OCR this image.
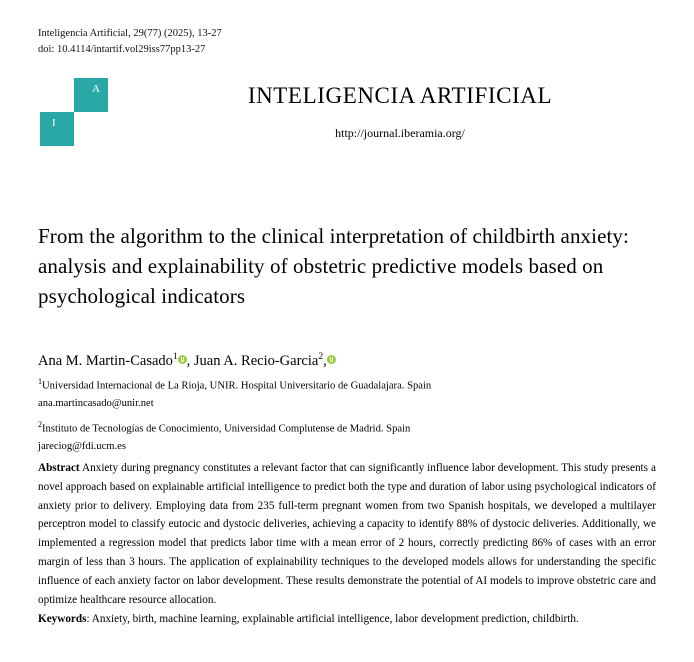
Inteligencia Artificial, 29(77) (2025), 13-27
doi: 10.4114/intartif.vol29iss77pp13-27
A
I
INTELIGENCIA ARTIFICIAL
http://journal.iberamia.org/
From the algorithm to the clinical interpretation of childbirth anxiety: analysis and explainability of obstetric predictive models based on psychological indicators
Ana M. Martin-Casado$^1$ , Juan A. Recio-Garcia$^2$,
$^1$Universidad Internacional de La Rioja, UNIR. Hospital Universitario de Guadalajara. Spain
ana.martincasado@unir.net
$^2$Instituto de Tecnologías de Conocimiento, Universidad Complutense de Madrid. Spain
jareciog@fdi.ucm.es
Abstract Anxiety during pregnancy constitutes a relevant factor that can significantly influence labor development. This study presents a novel approach based on explainable artificial intelligence to predict both the type and duration of labor using psychological indicators of anxiety prior to delivery. Employing data from 235 full-term pregnant women from two Spanish hospitals, we developed a multilayer perceptron model to classify eutocic and dystocic deliveries, achieving a capacity to identify 88% of dystocic deliveries. Additionally, we implemented a regression model that predicts labor time with a mean error of 2 hours, correctly predicting 86% of cases with an error margin of less than 3 hours. The application of explainability techniques to the developed models allows for understanding the specific influence of each anxiety factor on labor development. These results demonstrate the potential of AI models to improve obstetric care and optimize healthcare resource allocation.
Keywords: Anxiety, birth, machine learning, explainable artificial intelligence, labor development prediction, childbirth.
